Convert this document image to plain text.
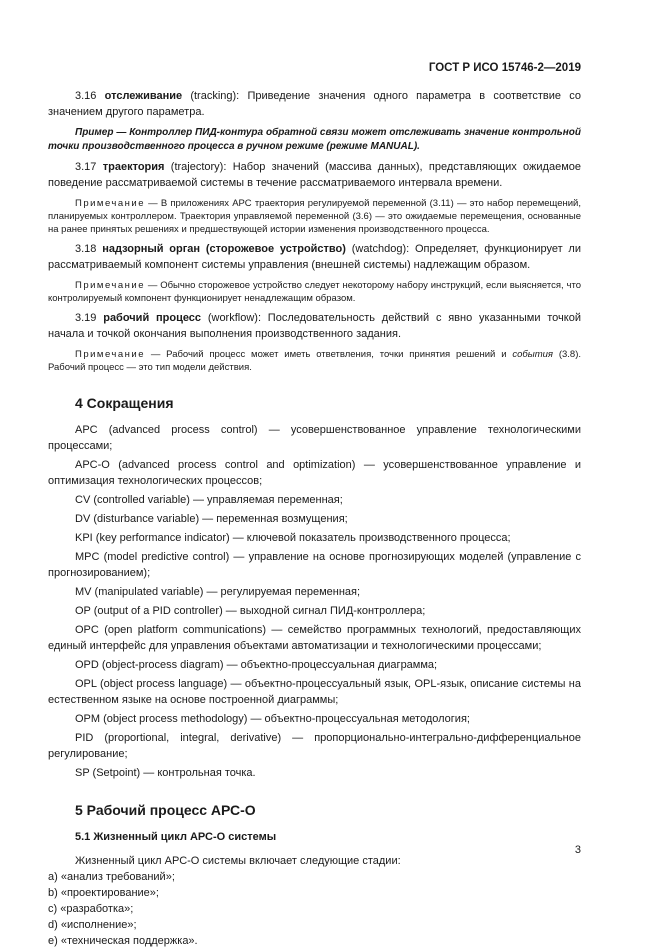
ГОСТ Р ИСО 15746-2—2019

3.16 отслеживание (tracking): Приведение значения одного параметра в соответствие со значением другого параметра.

Пример — Контроллер ПИД-контура обратной связи может отслеживать значение контрольной точки производственного процесса в ручном режиме (режиме MANUAL).

3.17 траектория (trajectory): Набор значений (массива данных), представляющих ожидаемое поведение рассматриваемой системы в течение рассматриваемого интервала времени.

Примечание — В приложениях АРС траектория регулируемой переменной (3.11) — это набор перемещений, планируемых контроллером. Траектория управляемой переменной (3.6) — это ожидаемые перемещения, основанные на ранее принятых решениях и предшествующей истории изменения производственного процесса.

3.18 надзорный орган (сторожевое устройство) (watchdog): Определяет, функционирует ли рассматриваемый компонент системы управления (внешней системы) надлежащим образом.

Примечание — Обычно сторожевое устройство следует некоторому набору инструкций, если выясняется, что контролируемый компонент функционирует ненадлежащим образом.

3.19 рабочий процесс (workflow): Последовательность действий с явно указанными точкой начала и точкой окончания выполнения производственного задания.

Примечание — Рабочий процесс может иметь ответвления, точки принятия решений и события (3.8). Рабочий процесс — это тип модели действия.

4 Сокращения

APC (advanced process control) — усовершенствованное управление технологическими процессами;

APC-O (advanced process control and optimization) — усовершенствованное управление и оптимизация технологических процессов;

CV (controlled variable) — управляемая переменная;

DV (disturbance variable) — переменная возмущения;

KPI (key performance indicator) — ключевой показатель производственного процесса;

MPC (model predictive control) — управление на основе прогнозирующих моделей (управление с прогнозированием);

MV (manipulated variable) — регулируемая переменная;

OP (output of a PID controller) — выходной сигнал ПИД-контроллера;

OPC (open platform communications) — семейство программных технологий, предоставляющих единый интерфейс для управления объектами автоматизации и технологическими процессами;

OPD (object-process diagram) — объектно-процессуальная диаграмма;

OPL (object process language) — объектно-процессуальный язык, OPL-язык, описание системы на естественном языке на основе построенной диаграммы;

OPM (object process methodology) — объектно-процессуальная методология;

PID (proportional, integral, derivative) — пропорционально-интегрально-дифференциальное регулирование;

SP (Setpoint) — контрольная точка.

5 Рабочий процесс АРС-О
5.1 Жизненный цикл АРС-О системы

Жизненный цикл АРС-О системы включает следующие стадии:

a) «анализ требований»;
b) «проектирование»;
c) «разработка»;
d) «исполнение»;
e) «техническая поддержка».
3
